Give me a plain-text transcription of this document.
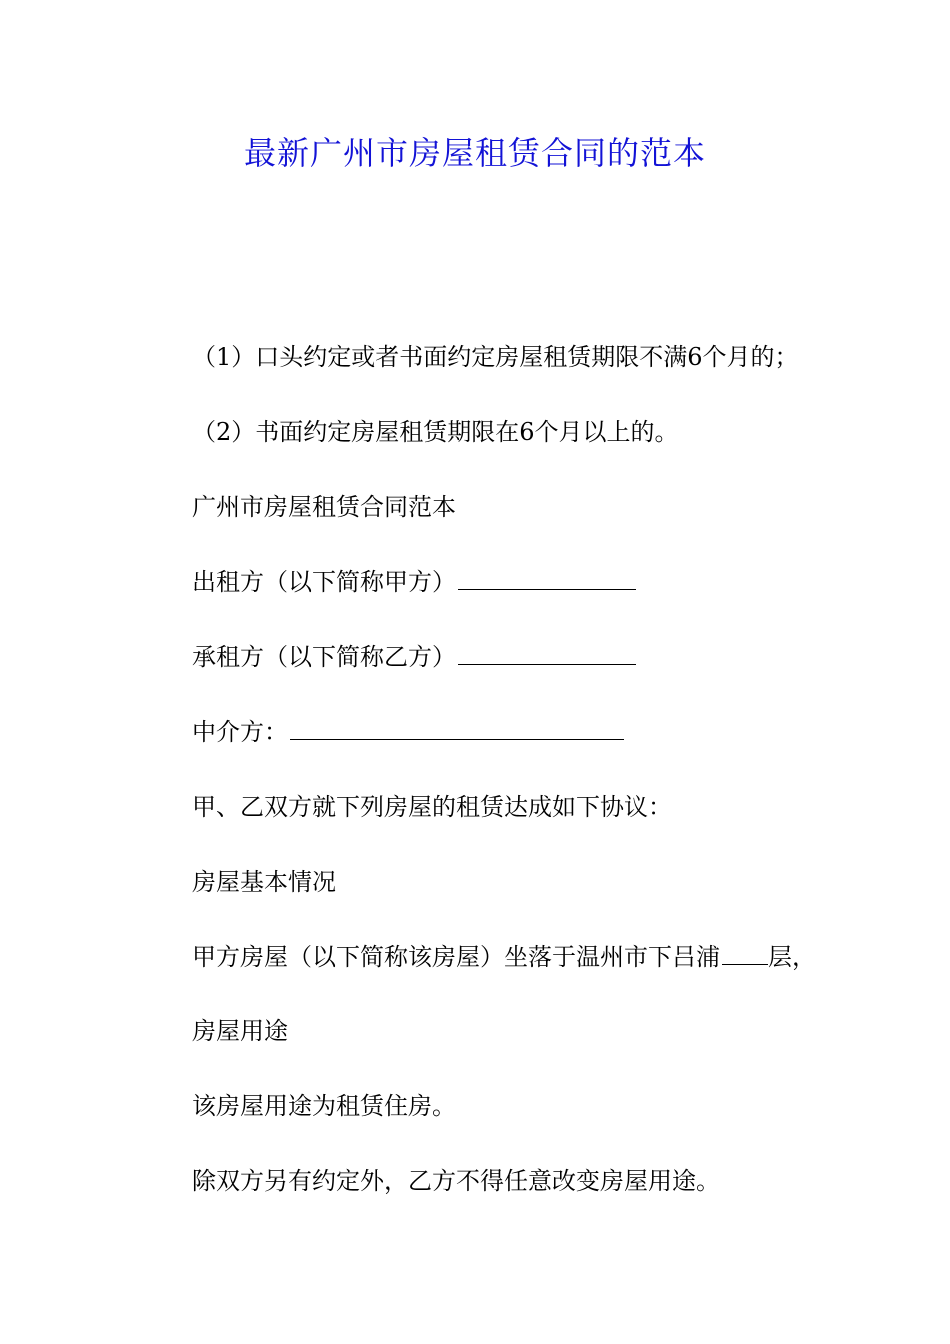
最新广州市房屋租赁合同的范本
（1）口头约定或者书面约定房屋租赁期限不满6个月的；
（2）书面约定房屋租赁期限在6个月以上的。
广州市房屋租赁合同范本
出租方（以下简称甲方）
承租方（以下简称乙方）
中介方：
甲、乙双方就下列房屋的租赁达成如下协议：
房屋基本情况
甲方房屋（以下简称该房屋）坐落于温州市下吕浦 层，
房屋用途
该房屋用途为租赁住房。
除双方另有约定外，乙方不得任意改变房屋用途。
